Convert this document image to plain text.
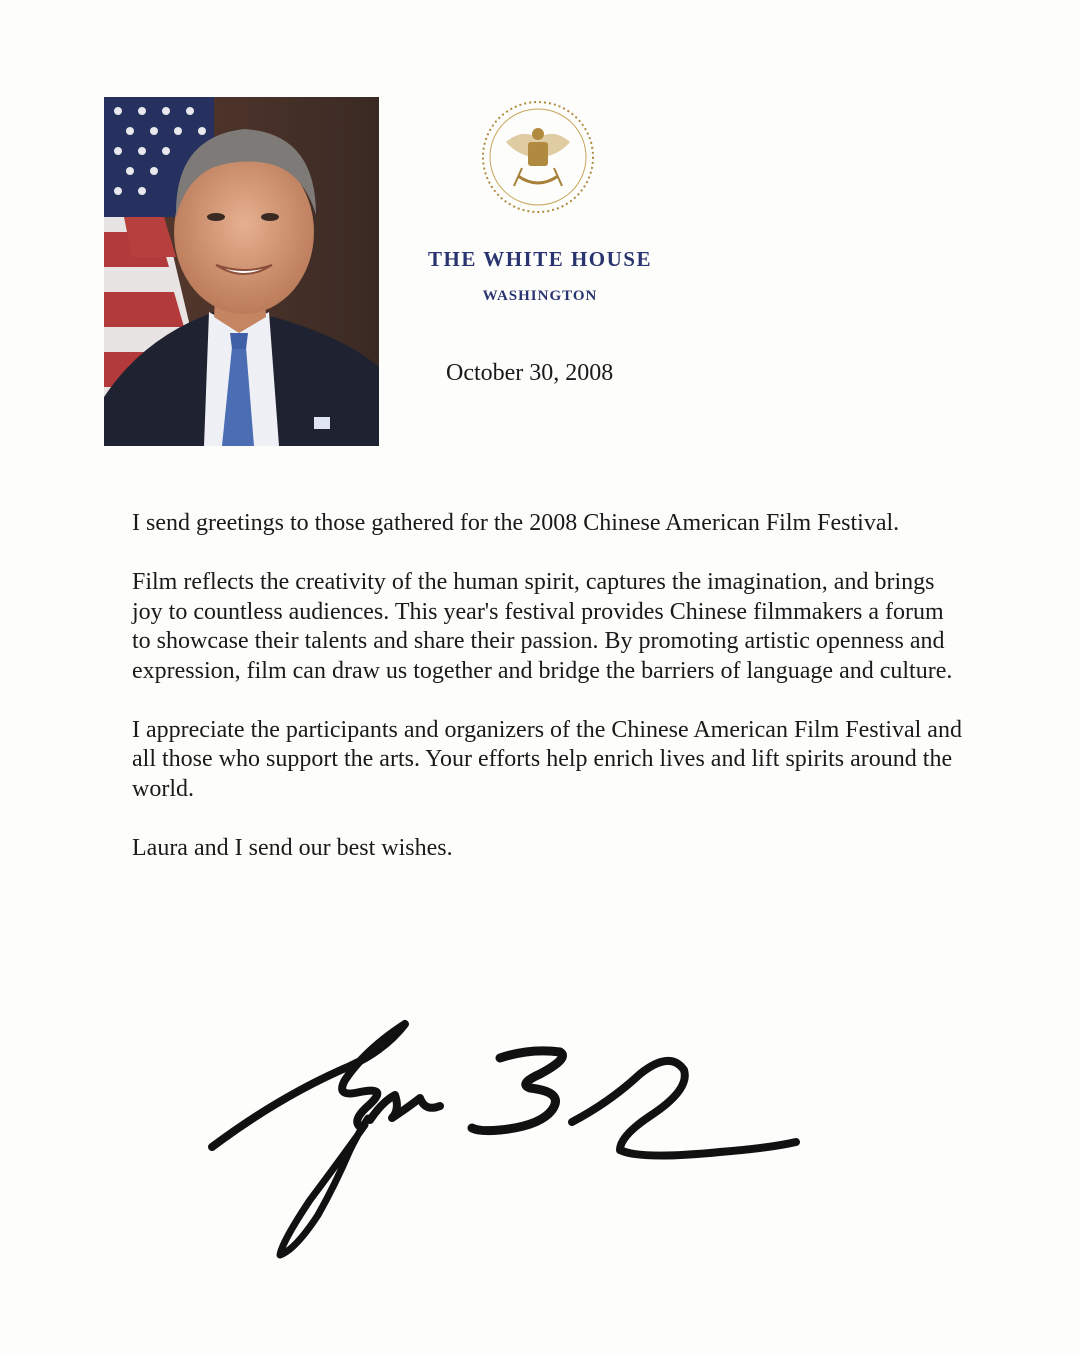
THE WHITE HOUSE
WASHINGTON
October 30, 2008

I send greetings to those gathered for the 2008 Chinese American Film Festival.

Film reflects the creativity of the human spirit, captures the imagination, and brings joy to countless audiences. This year's festival provides Chinese filmmakers a forum to showcase their talents and share their passion. By promoting artistic openness and expression, film can draw us together and bridge the barriers of language and culture.

I appreciate the participants and organizers of the Chinese American Film Festival and all those who support the arts. Your efforts help enrich lives and lift spirits around the world.

Laura and I send our best wishes.
